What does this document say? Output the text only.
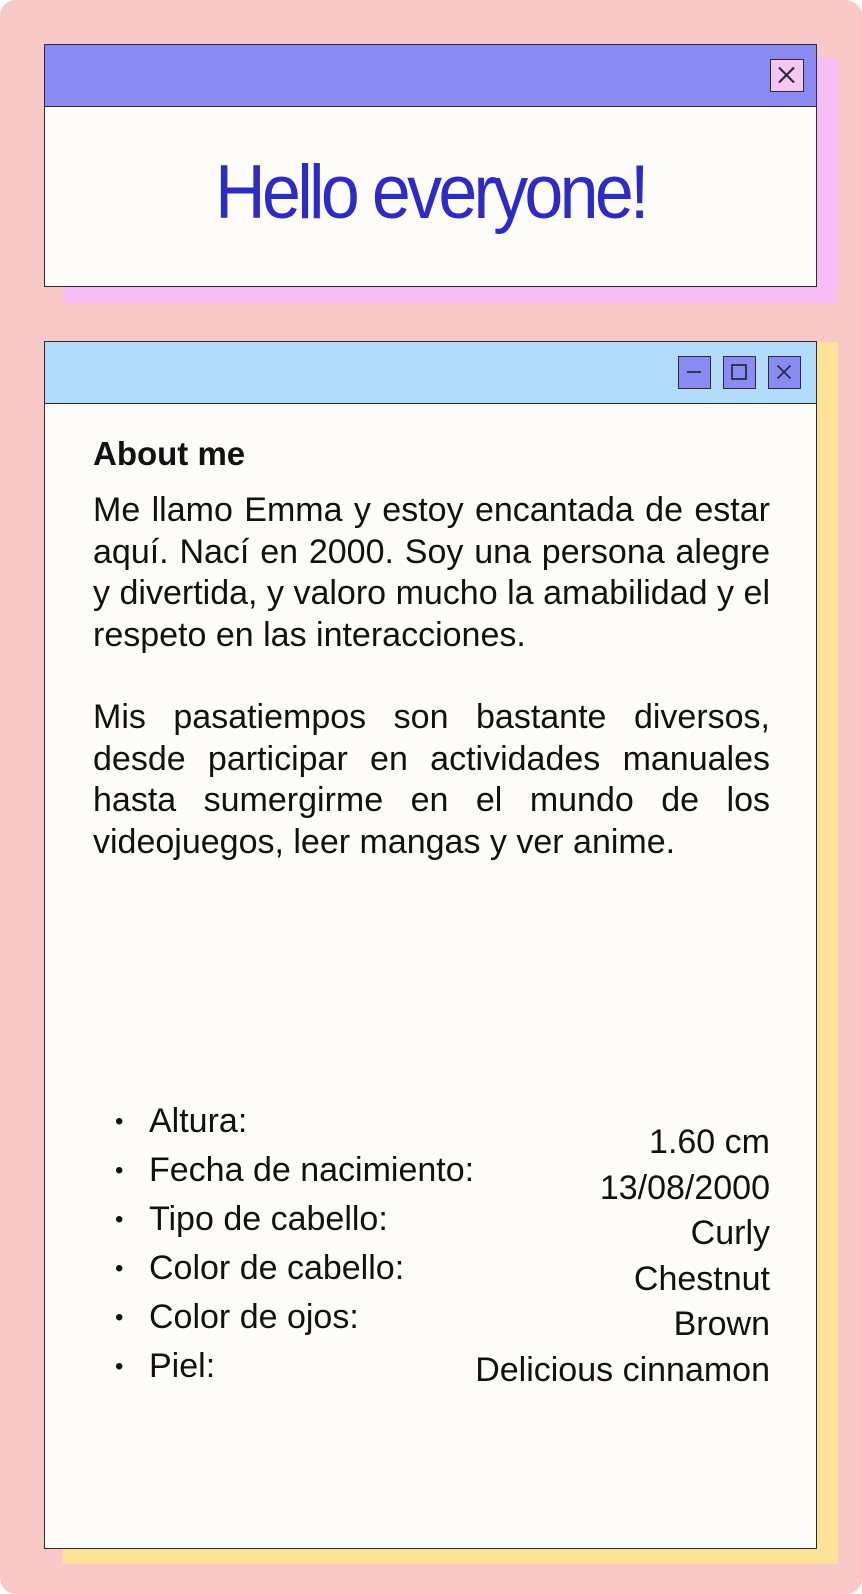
Hello everyone!
About me

Me llamo Emma y estoy encantada de estar aquí. Nací en 2000. Soy una persona alegre y divertida, y valoro mucho la amabilidad y el respeto en las interacciones.

Mis pasatiempos son bastante diversos, desde participar en actividades manuales hasta sumergirme en el mundo de los videojuegos, leer mangas y ver anime.

• Altura:
• Fecha de nacimiento:
• Tipo de cabello:
• Color de cabello:
• Color de ojos:
• Piel:
1.60 cm
13/08/2000
Curly
Chestnut
Brown
Delicious cinnamon
